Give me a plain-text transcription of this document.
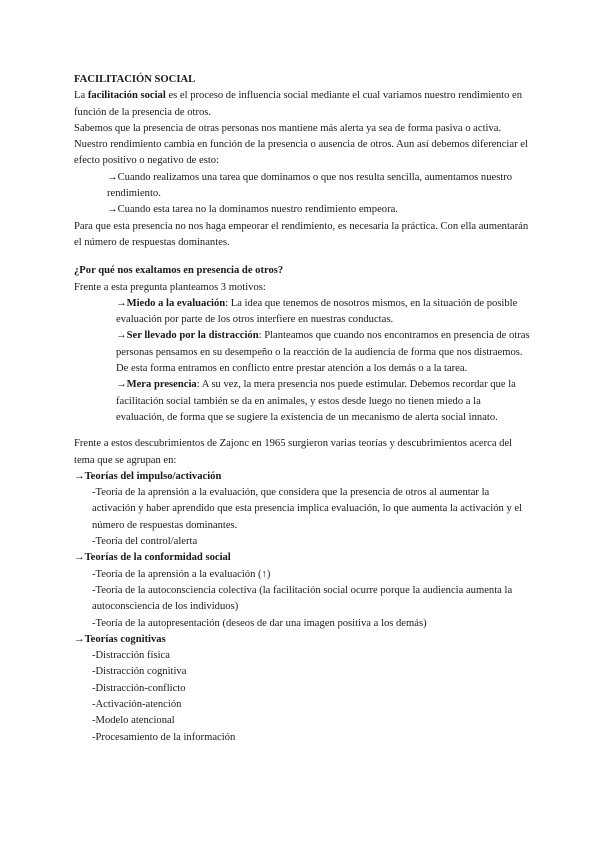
FACILITACIÓN SOCIAL

La facilitación social es el proceso de influencia social mediante el cual variamos nuestro rendimiento en función de la presencia de otros.

Sabemos que la presencia de otras personas nos mantiene más alerta ya sea de forma pasiva o activa.

Nuestro rendimiento cambia en función de la presencia o ausencia de otros. Aun así debemos diferenciar el efecto positivo o negativo de esto:

→Cuando realizamos una tarea que dominamos o que nos resulta sencilla, aumentamos nuestro rendimiento.

→Cuando esta tarea no la dominamos nuestro rendimiento empeora.

Para que esta presencia no nos haga empeorar el rendimiento, es necesaria la práctica. Con ella aumentarán el número de respuestas dominantes.

¿Por qué nos exaltamos en presencia de otros?

Frente a esta pregunta planteamos 3 motivos:

→Miedo a la evaluación: La idea que tenemos de nosotros mismos, en la situación de posible evaluación por parte de los otros interfiere en nuestras conductas.

→Ser llevado por la distracción: Planteamos que cuando nos encontramos en presencia de otras personas pensamos en su desempeño o la reacción de la audiencia de forma que nos distraemos. De esta forma entramos en conflicto entre prestar atención a los demás o a la tarea.

→Mera presencia: A su vez, la mera presencia nos puede estimular. Debemos recordar que la facilitación social también se da en animales, y estos desde luego no tienen miedo a la evaluación, de forma que se sugiere la existencia de un mecanismo de alerta social innato.

Frente a estos descubrimientos de Zajonc en 1965 surgieron varias teorías y descubrimientos acerca del tema que se agrupan en:

→Teorías del impulso/activación

-Teoría de la aprensión a la evaluación, que considera que la presencia de otros al aumentar la activación y haber aprendido que esta presencia implica evaluación, lo que aumenta la activación y el número de respuestas dominantes.

-Teoría del control/alerta

→Teorías de la conformidad social

-Teoría de la aprensión a la evaluación (↑)

-Teoría de la autoconsciencia colectiva (la facilitación social ocurre porque la audiencia aumenta la autoconsciencia de los individuos)

-Teoría de la autopresentación (deseos de dar una imagen positiva a los demás)

→Teorías cognitivas

-Distracción física

-Distracción cognitiva

-Distracción-conflicto

-Activación-atención

-Modelo atencional

-Procesamiento de la información
